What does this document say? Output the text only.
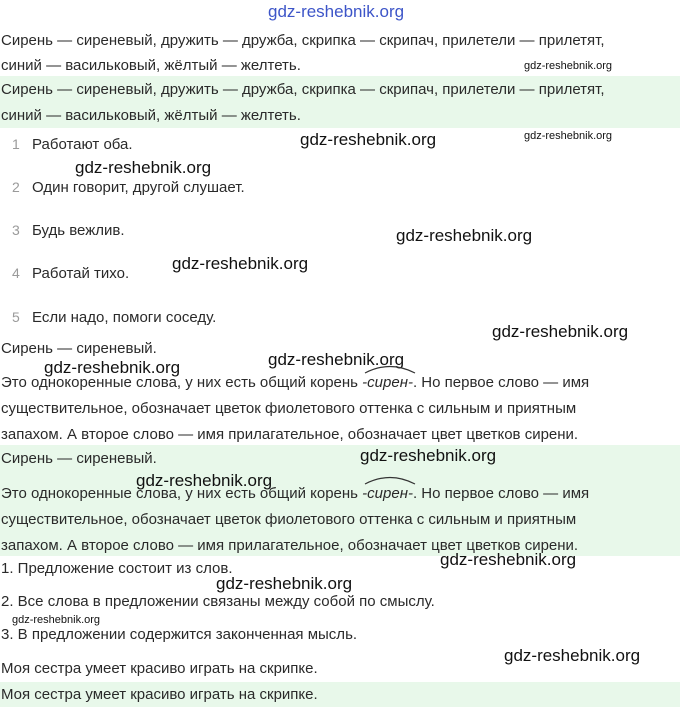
gdz-reshebnik.org
Сирень — сиреневый, дружить — дружба, скрипка — скрипач, прилетели — прилетят,
синий — васильковый, жёлтый — желтеть.	gdz-reshebnik.org
Сирень — сиреневый, дружить — дружба, скрипка — скрипач, прилетели — прилетят,
синий — васильковый, жёлтый — желтеть.
gdz-reshebnik.org
1 Работают оба.	gdz-reshebnik.org
gdz-reshebnik.org
2 Один говорит, другой слушает.
3 Будь вежлив.	gdz-reshebnik.org
4 Работай тихо.
gdz-reshebnik.org
5 Если надо, помоги соседу.
gdz-reshebnik.org
Сирень — сиреневый.
gdz-reshebnik.org
gdz-reshebnik.org
Это однокоренные слова, у них есть общий корень
-сирен-. Но первое слово — имя
существительное, обозначает цветок фиолетового оттенка с сильным и приятным
запахом. А второе слово — имя прилагательное, обозначает цвет цветков сирени.
Сирень — сиреневый.	gdz-reshebnik.org
gdz-reshebnik.org
Это однокоренные слова, у них есть общий корень
-сирен-. Но первое слово — имя
существительное, обозначает цветок фиолетового оттенка с сильным и приятным
запахом. А второе слово — имя прилагательное, обозначает цвет цветков сирени.
1. Предложение состоит из слов.	gdz-reshebnik.org
gdz-reshebnik.org
2. Все слова в предложении связаны между собой по смыслу.
gdz-reshebnik.org
3. В предложении содержится законченная мысль.
gdz-reshebnik.org
Моя сестра умеет красиво играть на скрипке.
Моя сестра умеет красиво играть на скрипке.
